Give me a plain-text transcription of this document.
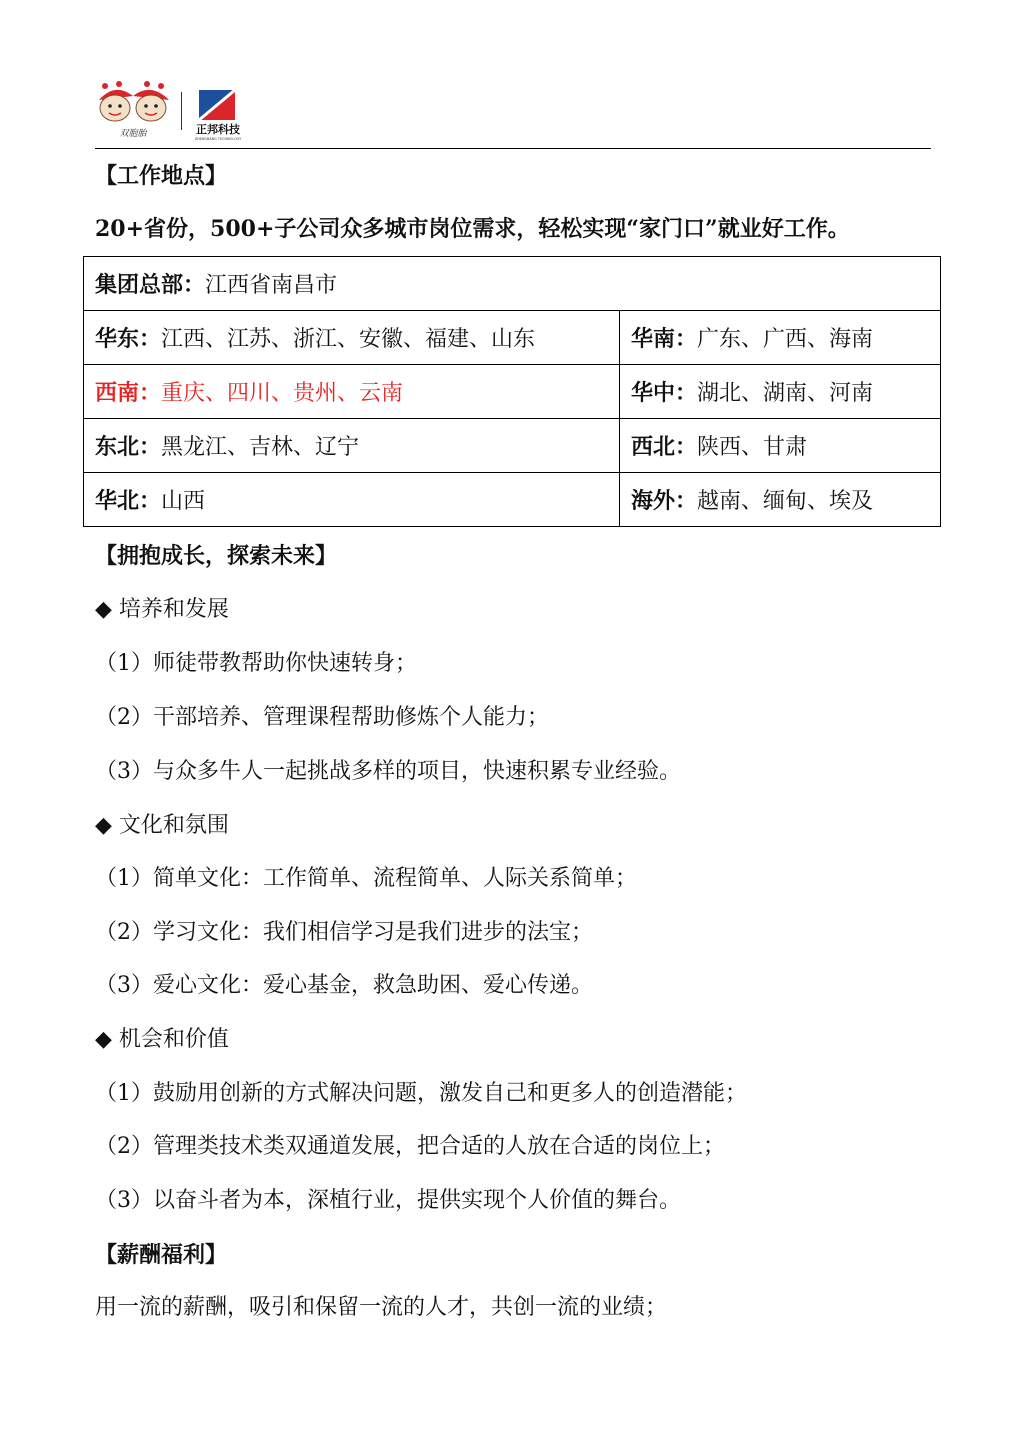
双胞胎	正邦科技
ZHENGBANG TECHNOLOGY
【工作地点】
20+省份，500+子公司众多城市岗位需求，轻松实现“家门口”就业好工作。
集团总部：江西省南昌市	
华东：江西、江苏、浙江、安徽、福建、山东	华南：广东、广西、海南
西南：重庆、四川、贵州、云南	华中：湖北、湖南、河南
东北：黑龙江、吉林、辽宁	西北：陕西、甘肃
华北：山西	海外：越南、缅甸、埃及
【拥抱成长，探索未来】
◆ 培养和发展
（1）师徒带教帮助你快速转身；
（2）干部培养、管理课程帮助修炼个人能力；
（3）与众多牛人一起挑战多样的项目，快速积累专业经验。
◆ 文化和氛围
（1）简单文化：工作简单、流程简单、人际关系简单；
（2）学习文化：我们相信学习是我们进步的法宝；
（3）爱心文化：爱心基金，救急助困、爱心传递。
◆ 机会和价值
（1）鼓励用创新的方式解决问题，激发自己和更多人的创造潜能；
（2）管理类技术类双通道发展，把合适的人放在合适的岗位上；
（3）以奋斗者为本，深植行业，提供实现个人价值的舞台。
【薪酬福利】
用一流的薪酬，吸引和保留一流的人才，共创一流的业绩；
